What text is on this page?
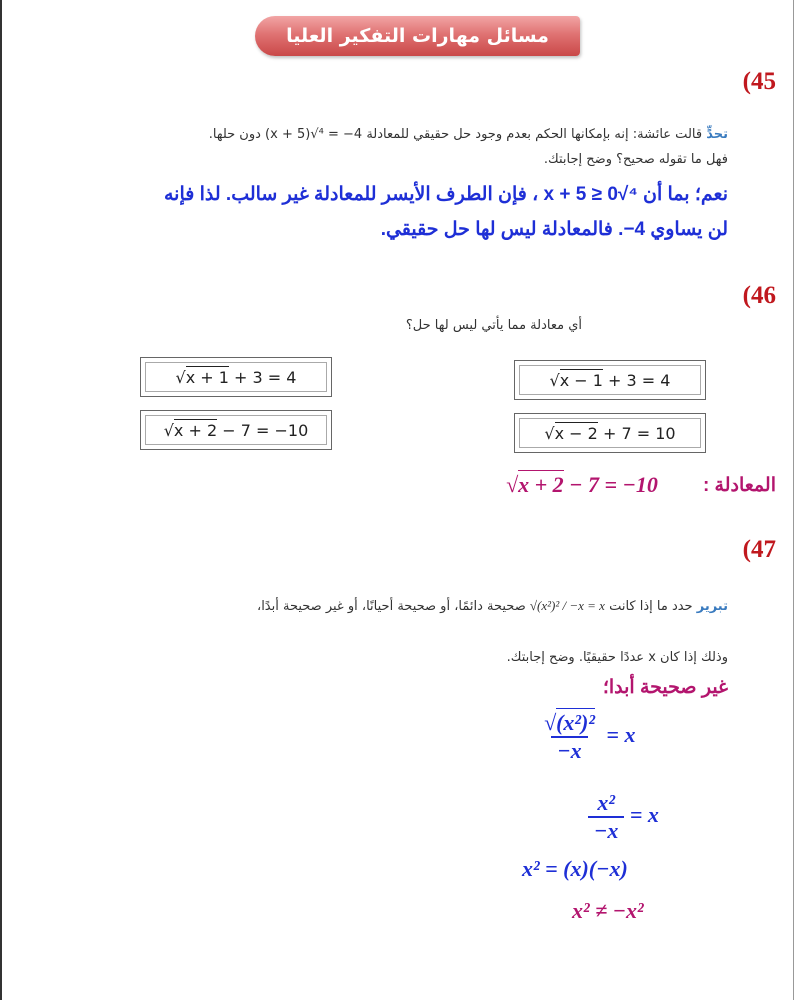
مسائل مهارات التفكير العليا
(45
تحدٍّ قالت عائشة: إنه بإمكانها الحكم بعدم وجود حل حقيقي للمعادلة 4− = ⁴√(x + 5) دون حلها.
فهل ما تقوله صحيح؟ وضح إجابتك.
نعم؛ بما أن x + 5 ≥ 0√⁴ ، فإن الطرف الأيسر للمعادلة غير سالب. لذا فإنه
لن يساوي 4−. فالمعادلة ليس لها حل حقيقي.
(46
أي معادلة مما يأتي ليس لها حل؟
√x − 1 + 3 = 4
√x + 1 + 3 = 4
√x − 2 + 7 = 10
√x + 2 − 7 = −10
المعادلة :
√x + 2 − 7 = −10
(47
تبرير حدد ما إذا كانت √(x²)² / −x = x صحيحة دائمًا، أو صحيحة أحيانًا، أو غير صحيحة أبدًا،
وذلك إذا كان x عددًا حقيقيًا. وضح إجابتك.
غير صحيحة أبدا؛
$\frac{\text{√(x²)²}}{-x} = x$
$\frac{\text{x²}}{-x} = x$
x² = (x)(−x)
x² ≠ −x²
